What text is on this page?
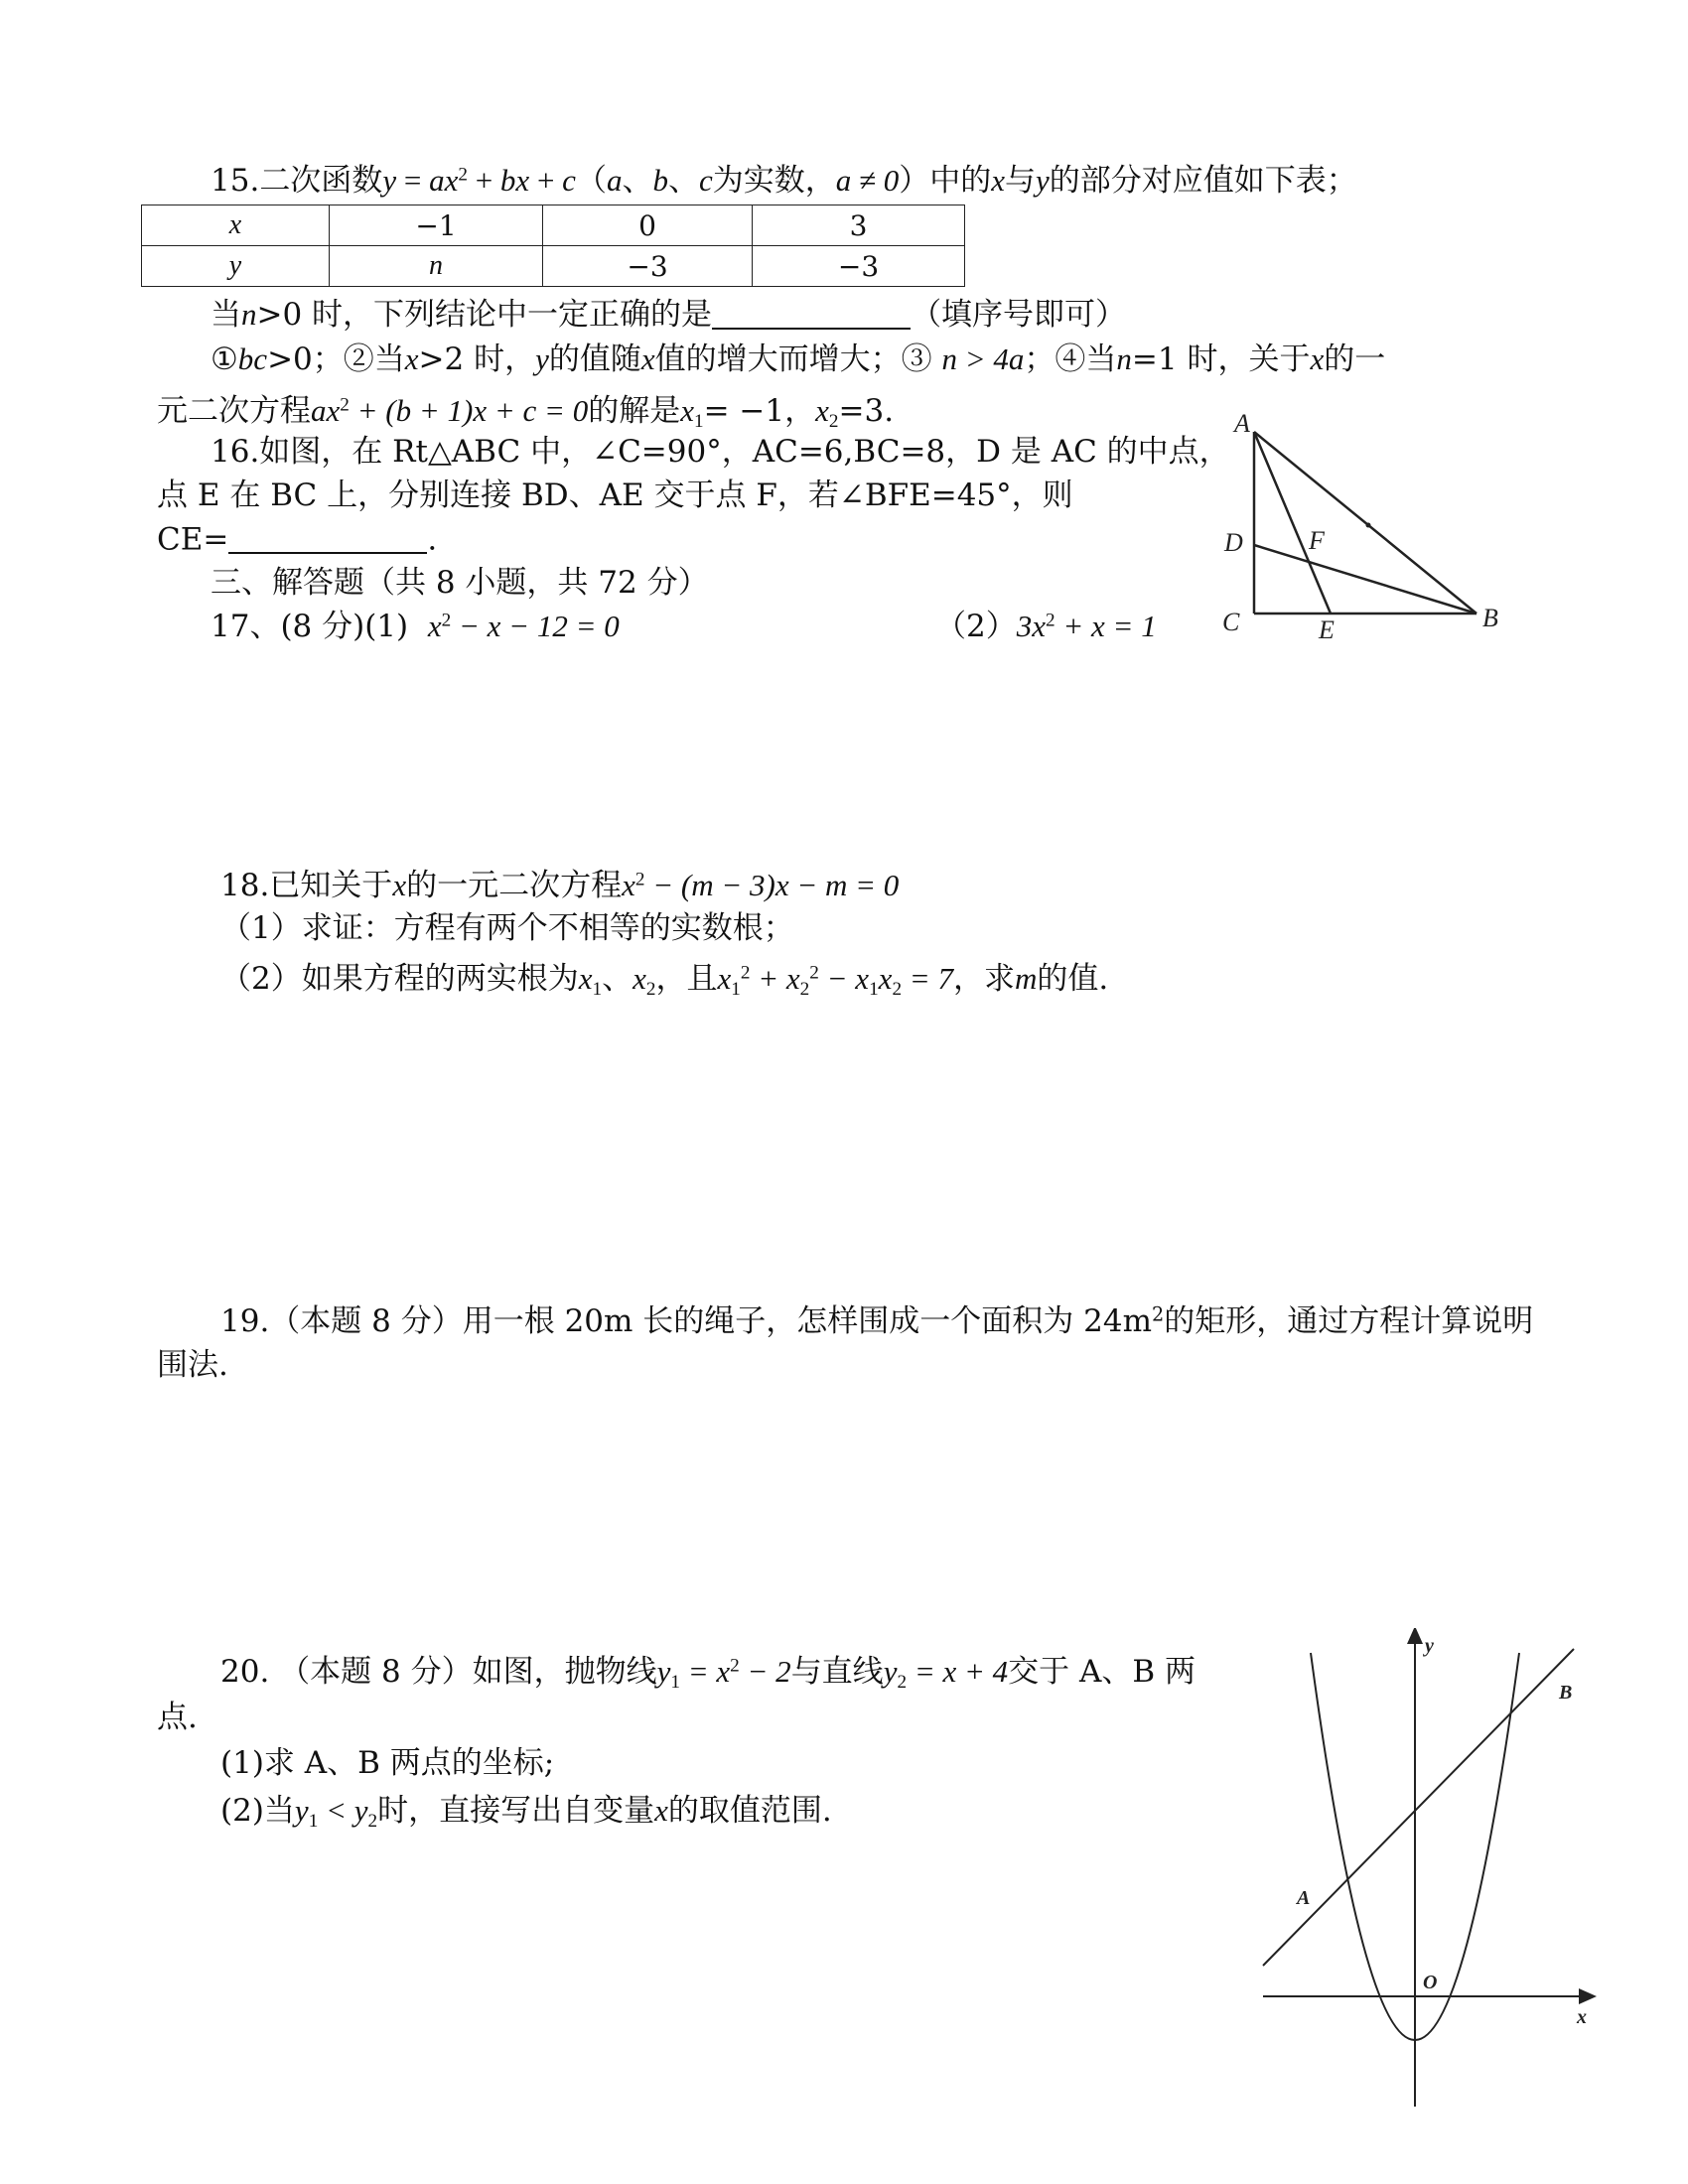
15.二次函数$y = ax^2$ + bx + c（a、b、c为实数，a ≠ 0）中的x与y的部分对应值如下表；
x	−1	0	3
y	n	−3	−3
当n>0 时，下列结论中一定正确的是	（填序号即可）
①bc>0；②当x>2 时，y的值随x值的增大而增大；③ n > 4a；④当n=1 时，关于x的一
元二次方程$ax^2 + (b + 1)x + c = 0$的解是$x_1= -1$，$x_2=3$.
16.如图，在 Rt△ABC 中，∠C=90°，AC=6,BC=8，D 是 AC 的中点，
点 E 在 BC 上，分别连接 BD、AE 交于点 F，若∠BFE=45°，则
CE=	.
A
B
C
D
E
F
三、解答题（共 8 小题，共 72 分）
17、(8 分)(1) $x^2 - x - 12 = 0$	$(2)3x^2 + x = 1$
18.已知关于x的一元二次方程$x^2 - (m - 3)x - m = 0$
（1）求证：方程有两个不相等的实数根；
（2）如果方程的两实根为$x_1$、$x_2$，且$x_1^2 + x_2^2 - x_1x_2 = 7$，求m的值.
19.（本题 8 分）用一根 20m 长的绳子，怎样围成一个面积为 $24m^2$的矩形，通过方程计算说明
围法.
20. （本题 8 分）如图，抛物线$y_1 = x^2 - 2$与直线$y_2 = x + 4$交于 A、B 两
点.
(1)求 A、B 两点的坐标;
(2)当$y_1 < y_2$时，直接写出自变量x的取值范围.
y
x
O
A
B
